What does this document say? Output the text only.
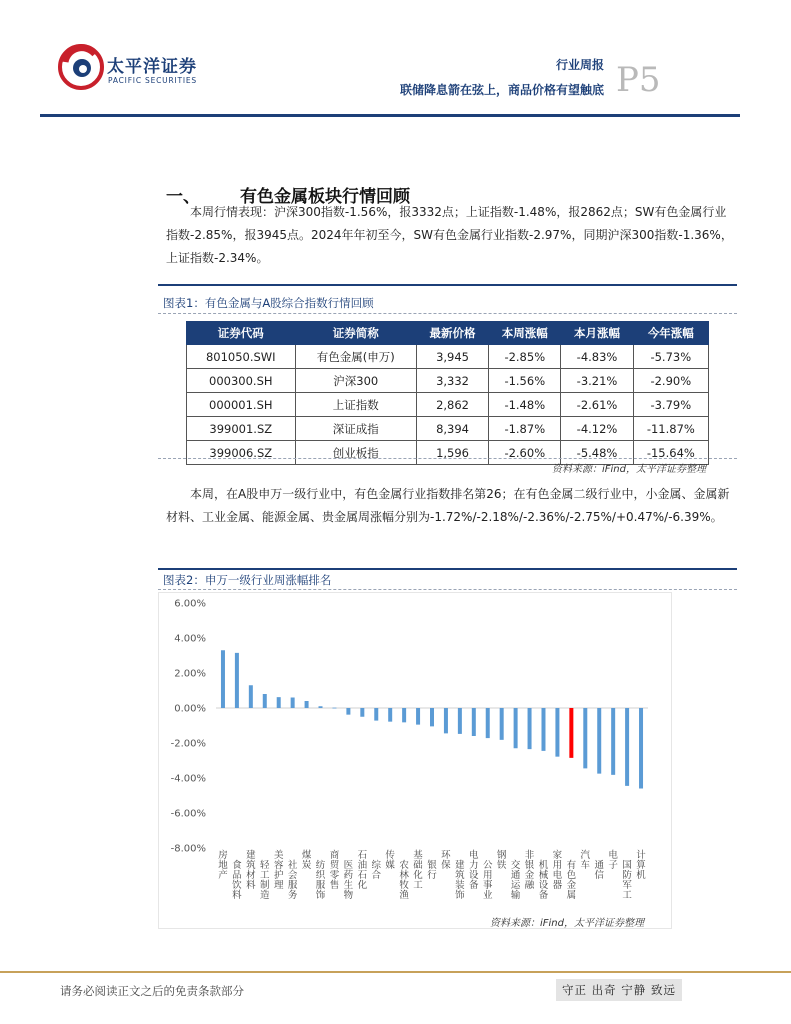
太平洋证券
PACIFIC SECURITIES
行业周报
联储降息箭在弦上，商品价格有望触底 P5
一、 有色金属板块行情回顾
本周行情表现：沪深300指数-1.56%，报3332点；上证指数-1.48%，报2862点；SW有色金属行业指数-2.85%，报3945点。2024年年初至今，SW有色金属行业指数-2.97%，同期沪深300指数-1.36%，上证指数-2.34%。
图表1：有色金属与A股综合指数行情回顾
证券代码	证券简称	最新价格	本周涨幅	本月涨幅	今年涨幅
801050.SWI	有色金属(申万)	3,945	-2.85%	-4.83%	-5.73%
000300.SH	沪深300	3,332	-1.56%	-3.21%	-2.90%
000001.SH	上证指数	2,862	-1.48%	-2.61%	-3.79%
399001.SZ	深证成指	8,394	-1.87%	-4.12%	-11.87%
399006.SZ	创业板指	1,596	-2.60%	-5.48%	-15.64%
资料来源：iFind，太平洋证券整理
本周，在A股申万一级行业中，有色金属行业指数排名第26；在有色金属二级行业中，小金属、金属新材料、工业金属、能源金属、贵金属周涨幅分别为-1.72%/-2.18%/-2.36%/-2.75%/+0.47%/-6.39%。
图表2：申万一级行业周涨幅排名
6.00%
4.00%
2.00%
0.00%
-2.00%
-4.00%
-6.00%
-8.00%
房地产
食品饮料
建筑材料
轻工制造
美容护理
社会服务
煤炭 纺织服饰
商贸零售
医药生物
石油石化
综合
传媒 农林牧渔
基础化工
银行
环保 建筑装饰
电力设备
公用事业
钢铁 交通运输
非银金融
机械设备
家用电器
有色金属
汽车 通信
电子 国防军工
计算机
资料来源：iFind，太平洋证券整理
请务必阅读正文之后的免责条款部分	守正 出奇 宁静 致远
